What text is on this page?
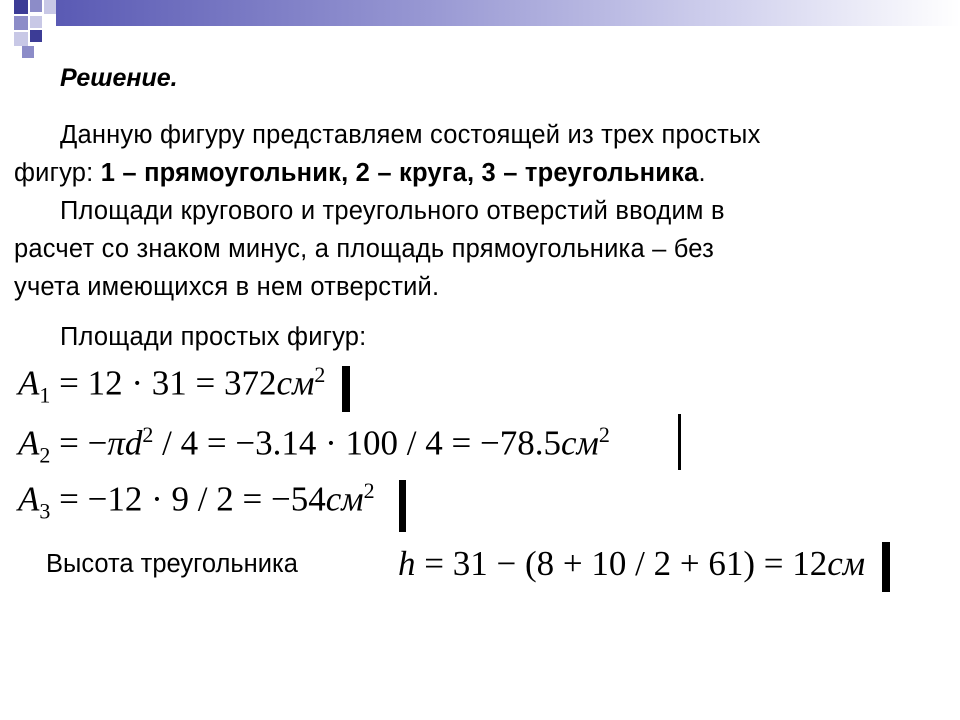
Решение.
Данную фигуру представляем состоящей из трех простых
фигур: 1 – прямоугольник, 2 – круга, 3 – треугольника.
Площади кругового и треугольного отверстий вводим в
расчет со знаком минус, а площадь прямоугольника – без
учета имеющихся в нем отверстий.
Площади простых фигур:
$A_1 = 12 \cdot 31 = 372см^2$
$A_2 = -\pi d^2 / 4 = -3.14 \cdot 100 / 4 = -78.5см^2$
$A_3 = -12 \cdot 9 / 2 = -54см^2$
Высота треугольника	h = 31 − (8 + 10 / 2 + 61) = 12см
